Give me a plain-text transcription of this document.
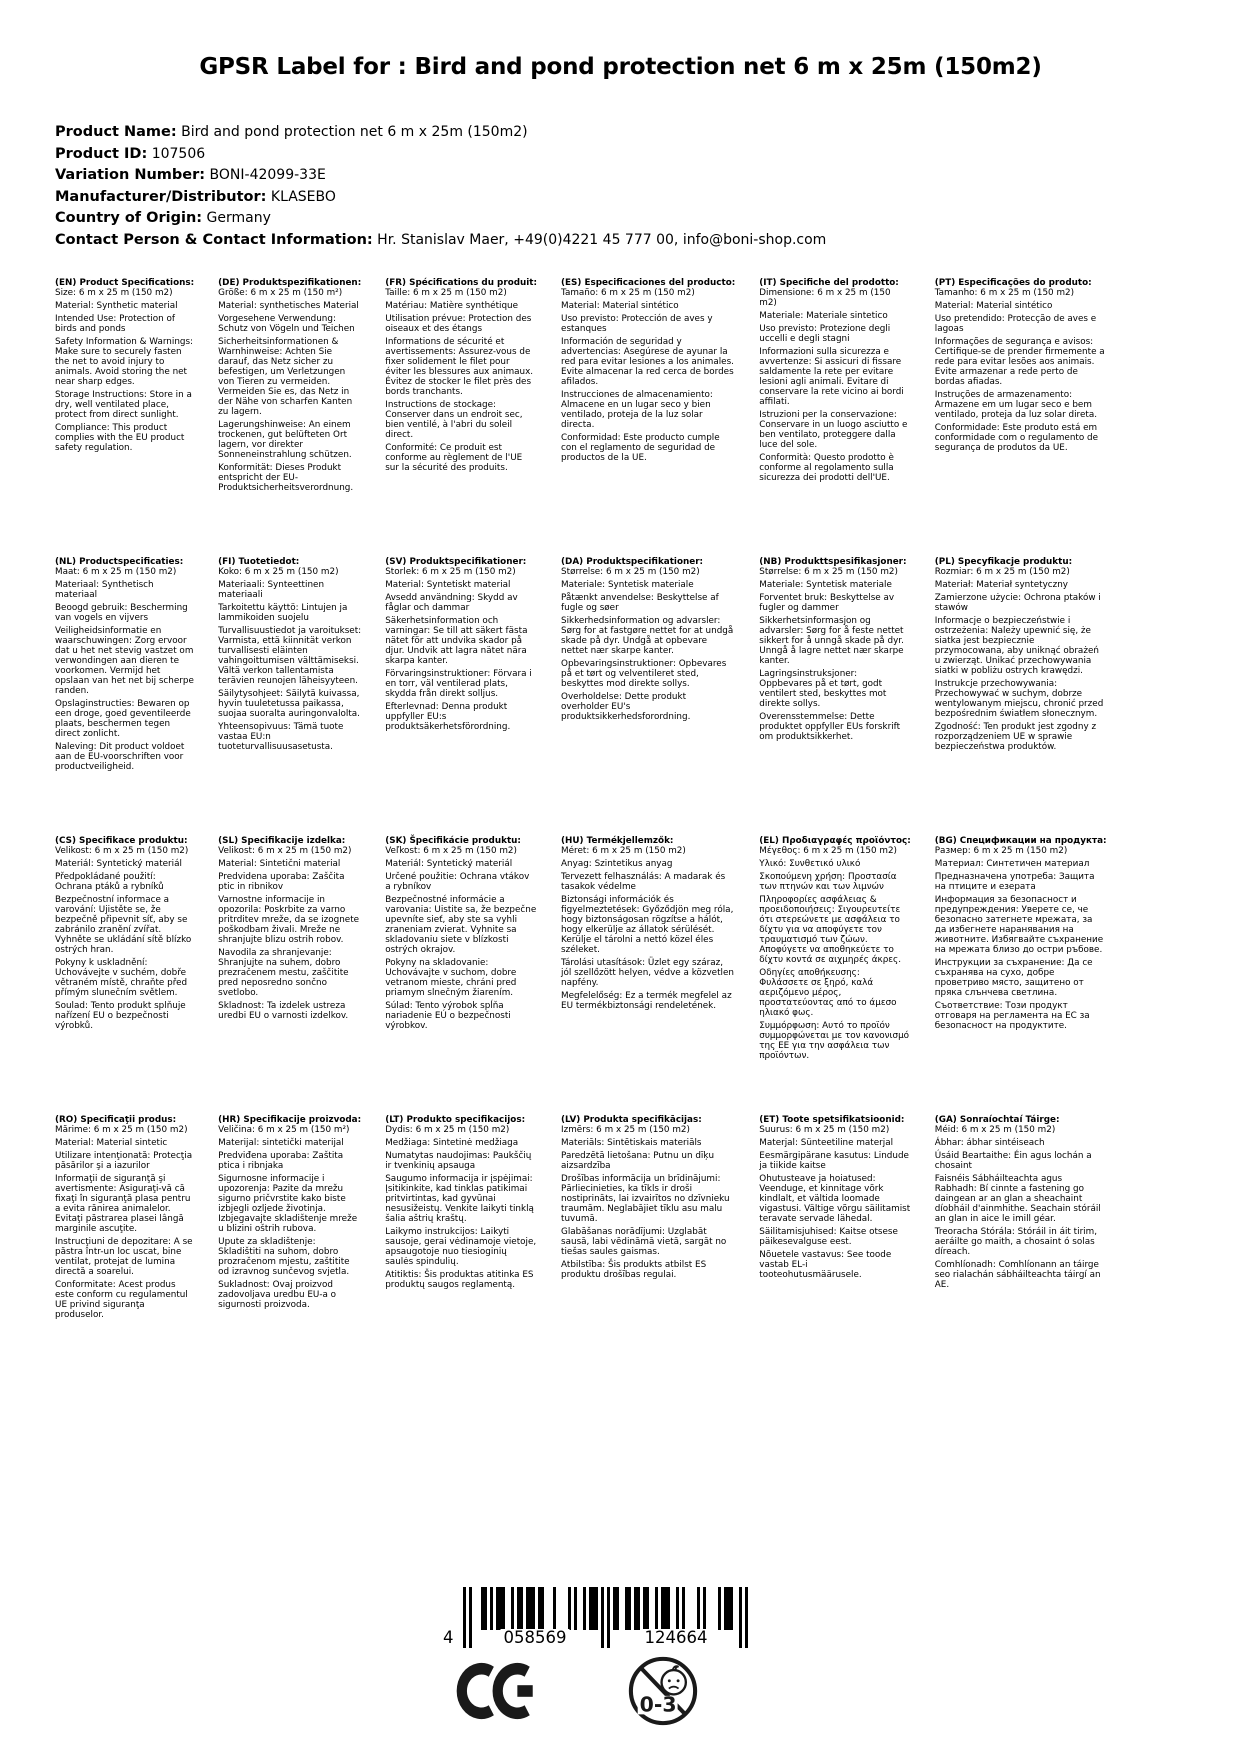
GPSR Label for : Bird and pond protection net 6 m x 25m (150m2)
Product Name: Bird and pond protection net 6 m x 25m (150m2)
Product ID: 107506
Variation Number: BONI-42099-33E
Manufacturer/Distributor: KLASEBO
Country of Origin: Germany
Contact Person & Contact Information: Hr. Stanislav Maer, +49(0)4221 45 777 00, info@boni-shop.com
(EN) Product Specifications:

Size: 6 m x 25 m (150 m2)

Material: Synthetic material

Intended Use: Protection of birds and ponds

Safety Information & Warnings: Make sure to securely fasten the net to avoid injury to animals. Avoid storing the net near sharp edges.

Storage Instructions: Store in a dry, well ventilated place, protect from direct sunlight.

Compliance: This product complies with the EU product safety regulation.

(DE) Produktspezifikationen:

Größe: 6 m x 25 m (150 m²)

Material: synthetisches Material

Vorgesehene Verwendung: Schutz von Vögeln und Teichen

Sicherheitsinformationen & Warnhinweise: Achten Sie darauf, das Netz sicher zu befestigen, um Verletzungen von Tieren zu vermeiden. Vermeiden Sie es, das Netz in der Nähe von scharfen Kanten zu lagern.

Lagerungshinweise: An einem trockenen, gut belüfteten Ort lagern, vor direkter Sonneneinstrahlung schützen.

Konformität: Dieses Produkt entspricht der EU-Produktsicherheitsverordnung.

(FR) Spécifications du produit:

Taille: 6 m x 25 m (150 m2)

Matériau: Matière synthétique

Utilisation prévue: Protection des oiseaux et des étangs

Informations de sécurité et avertissements: Assurez-vous de fixer solidement le filet pour éviter les blessures aux animaux. Évitez de stocker le filet près des bords tranchants.

Instructions de stockage: Conserver dans un endroit sec, bien ventilé, à l'abri du soleil direct.

Conformité: Ce produit est conforme au règlement de l'UE sur la sécurité des produits.

(ES) Especificaciones del producto:

Tamaño: 6 m x 25 m (150 m2)

Material: Material sintético

Uso previsto: Protección de aves y estanques

Información de seguridad y advertencias: Asegúrese de ayunar la red para evitar lesiones a los animales. Evite almacenar la red cerca de bordes afilados.

Instrucciones de almacenamiento: Almacene en un lugar seco y bien ventilado, proteja de la luz solar directa.

Conformidad: Este producto cumple con el reglamento de seguridad de productos de la UE.

(IT) Specifiche del prodotto:

Dimensione: 6 m x 25 m (150 m2)

Materiale: Materiale sintetico

Uso previsto: Protezione degli uccelli e degli stagni

Informazioni sulla sicurezza e avvertenze: Si assicuri di fissare saldamente la rete per evitare lesioni agli animali. Evitare di conservare la rete vicino ai bordi affilati.

Istruzioni per la conservazione: Conservare in un luogo asciutto e ben ventilato, proteggere dalla luce del sole.

Conformità: Questo prodotto è conforme al regolamento sulla sicurezza dei prodotti dell'UE.

(PT) Especificações do produto:

Tamanho: 6 m x 25 m (150 m2)

Material: Material sintético

Uso pretendido: Protecção de aves e lagoas

Informações de segurança e avisos: Certifique-se de prender firmemente a rede para evitar lesões aos animais. Evite armazenar a rede perto de bordas afiadas.

Instruções de armazenamento: Armazene em um lugar seco e bem ventilado, proteja da luz solar direta.

Conformidade: Este produto está em conformidade com o regulamento de segurança de produtos da UE.

(NL) Productspecificaties:

Maat: 6 m x 25 m (150 m2)

Materiaal: Synthetisch materiaal

Beoogd gebruik: Bescherming van vogels en vijvers

Veiligheidsinformatie en waarschuwingen: Zorg ervoor dat u het net stevig vastzet om verwondingen aan dieren te voorkomen. Vermijd het opslaan van het net bij scherpe randen.

Opslaginstructies: Bewaren op een droge, goed geventileerde plaats, beschermen tegen direct zonlicht.

Naleving: Dit product voldoet aan de EU-voorschriften voor productveiligheid.

(FI) Tuotetiedot:

Koko: 6 m x 25 m (150 m2)

Materiaali: Synteettinen materiaali

Tarkoitettu käyttö: Lintujen ja lammikoiden suojelu

Turvallisuustiedot ja varoitukset: Varmista, että kiinnität verkon turvallisesti eläinten vahingoittumisen välttämiseksi. Vältä verkon tallentamista terävien reunojen läheisyyteen.

Säilytysohjeet: Säilytä kuivassa, hyvin tuuletetussa paikassa, suojaa suoralta auringonvalolta.

Yhteensopivuus: Tämä tuote vastaa EU:n tuoteturvallisuusasetusta.

(SV) Produktspecifikationer:

Storlek: 6 m x 25 m (150 m2)

Material: Syntetiskt material

Avsedd användning: Skydd av fåglar och dammar

Säkerhetsinformation och varningar: Se till att säkert fästa nätet för att undvika skador på djur. Undvik att lagra nätet nära skarpa kanter.

Förvaringsinstruktioner: Förvara i en torr, väl ventilerad plats, skydda från direkt solljus.

Efterlevnad: Denna produkt uppfyller EU:s produktsäkerhetsförordning.

(DA) Produktspecifikationer:

Størrelse: 6 m x 25 m (150 m2)

Materiale: Syntetisk materiale

Påtænkt anvendelse: Beskyttelse af fugle og søer

Sikkerhedsinformation og advarsler: Sørg for at fastgøre nettet for at undgå skade på dyr. Undgå at opbevare nettet nær skarpe kanter.

Opbevaringsinstruktioner: Opbevares på et tørt og velventileret sted, beskyttes mod direkte sollys.

Overholdelse: Dette produkt overholder EU's produktsikkerhedsforordning.

(NB) Produkttspesifikasjoner:

Størrelse: 6 m x 25 m (150 m2)

Materiale: Syntetisk materiale

Forventet bruk: Beskyttelse av fugler og dammer

Sikkerhetsinformasjon og advarsler: Sørg for å feste nettet sikkert for å unngå skade på dyr. Unngå å lagre nettet nær skarpe kanter.

Lagringsinstruksjoner: Oppbevares på et tørt, godt ventilert sted, beskyttes mot direkte sollys.

Overensstemmelse: Dette produktet oppfyller EUs forskrift om produktsikkerhet.

(PL) Specyfikacje produktu:

Rozmiar: 6 m x 25 m (150 m2)

Materiał: Materiał syntetyczny

Zamierzone użycie: Ochrona ptaków i stawów

Informacje o bezpieczeństwie i ostrzeżenia: Należy upewnić się, że siatka jest bezpiecznie przymocowana, aby uniknąć obrażeń u zwierząt. Unikać przechowywania siatki w pobliżu ostrych krawędzi.

Instrukcje przechowywania: Przechowywać w suchym, dobrze wentylowanym miejscu, chronić przed bezpośrednim światłem słonecznym.

Zgodność: Ten produkt jest zgodny z rozporządzeniem UE w sprawie bezpieczeństwa produktów.

(CS) Specifikace produktu:

Velikost: 6 m x 25 m (150 m2)

Materiál: Syntetický materiál

Předpokládané použití: Ochrana ptáků a rybníků

Bezpečnostní informace a varování: Ujistěte se, že bezpečně připevnit síť, aby se zabránilo zranění zvířat. Vyhněte se ukládání sítě blízko ostrých hran.

Pokyny k uskladnění: Uchovávejte v suchém, dobře větraném místě, chraňte před přímým slunečním světlem.

Soulad: Tento produkt splňuje nařízení EU o bezpečnosti výrobků.

(SL) Specifikacije izdelka:

Velikost: 6 m x 25 m (150 m2)

Material: Sintetični material

Predvidena uporaba: Zaščita ptic in ribnikov

Varnostne informacije in opozorila: Poskrbite za varno pritrditev mreže, da se izognete poškodbam živali. Mreže ne shranjujte blizu ostrih robov.

Navodila za shranjevanje: Shranjujte na suhem, dobro prezračenem mestu, zaščitite pred neposredno sončno svetlobo.

Skladnost: Ta izdelek ustreza uredbi EU o varnosti izdelkov.

(SK) Špecifikácie produktu:

Veľkost: 6 m x 25 m (150 m2)

Materiál: Syntetický materiál

Určené použitie: Ochrana vtákov a rybníkov

Bezpečnostné informácie a varovania: Uistite sa, že bezpečne upevníte sieť, aby ste sa vyhli zraneniam zvierat. Vyhnite sa skladovaniu siete v blízkosti ostrých okrajov.

Pokyny na skladovanie: Uchovávajte v suchom, dobre vetranom mieste, chráni pred priamym slnečným žiarením.

Súlad: Tento výrobok spĺňa nariadenie EÚ o bezpečnosti výrobkov.

(HU) Termékjellemzők:

Méret: 6 m x 25 m (150 m2)

Anyag: Szintetikus anyag

Tervezett felhasználás: A madarak és tasakok védelme

Biztonsági információk és figyelmeztetések: Győződjön meg róla, hogy biztonságosan rögzítse a hálót, hogy elkerülje az állatok sérülését. Kerülje el tárolni a nettó közel éles széleket.

Tárolási utasítások: Üzlet egy száraz, jól szellőzött helyen, védve a közvetlen napfény.

Megfelelőség: Ez a termék megfelel az EU termékbiztonsági rendeletének.

(EL) Προδιαγραφές προϊόντος:

Μέγεθος: 6 m x 25 m (150 m2)

Υλικό: Συνθετικό υλικό

Σκοπούμενη χρήση: Προστασία των πτηνών και των λιμνών

Πληροφορίες ασφάλειας & προειδοποιήσεις: Σιγουρευτείτε ότι στερεώνετε με ασφάλεια το δίχτυ για να αποφύγετε τον τραυματισμό των ζώων. Αποφύγετε να αποθηκεύετε το δίχτυ κοντά σε αιχμηρές άκρες.

Οδηγίες αποθήκευσης: Φυλάσσετε σε ξηρό, καλά αεριζόμενο μέρος, προστατεύοντας από το άμεσο ηλιακό φως.

Συμμόρφωση: Αυτό το προϊόν συμμορφώνεται με τον κανονισμό της ΕΕ για την ασφάλεια των προϊόντων.

(BG) Спецификации на продукта:

Размер: 6 m x 25 m (150 m2)

Материал: Синтетичен материал

Предназначена употреба: Защита на птиците и езерата

Информация за безопасност и предупреждения: Уверете се, че безопасно затегнете мрежата, за да избегнете наранявания на животните. Избягвайте съхранение на мрежата близо до остри ръбове.

Инструкции за съхранение: Да се съхранява на сухо, добре проветриво място, защитено от пряка слънчева светлина.

Съответствие: Този продукт отговаря на регламента на ЕС за безопасност на продуктите.

(RO) Specificaţii produs:

Mărime: 6 m x 25 m (150 m2)

Material: Material sintetic

Utilizare intenţionată: Protecţia păsărilor şi a iazurilor

Informaţii de siguranţă şi avertismente: Asiguraţi-vă că fixaţi în siguranţă plasa pentru a evita rănirea animalelor. Evitaţi păstrarea plasei lângă marginile ascuţite.

Instrucţiuni de depozitare: A se păstra într-un loc uscat, bine ventilat, protejat de lumina directă a soarelui.

Conformitate: Acest produs este conform cu regulamentul UE privind siguranţa produselor.

(HR) Specifikacije proizvoda:

Veličina: 6 m x 25 m (150 m²)

Materijal: sintetički materijal

Predviđena uporaba: Zaštita ptica i ribnjaka

Sigurnosne informacije i upozorenja: Pazite da mrežu sigurno pričvrstite kako biste izbjegli ozljede životinja. Izbjegavajte skladištenje mreže u blizini oštrih rubova.

Upute za skladištenje: Skladištiti na suhom, dobro prozračenom mjestu, zaštitite od izravnog sunčevog svjetla.

Sukladnost: Ovaj proizvod zadovoljava uredbu EU-a o sigurnosti proizvoda.

(LT) Produkto specifikacijos:

Dydis: 6 m x 25 m (150 m2)

Medžiaga: Sintetinė medžiaga

Numatytas naudojimas: Paukščių ir tvenkinių apsauga

Saugumo informacija ir įspėjimai: Įsitikinkite, kad tinklas patikimai pritvirtintas, kad gyvūnai nesusižeistų. Venkite laikyti tinklą šalia aštrių kraštų.

Laikymo instrukcijos: Laikyti sausoje, gerai vėdinamoje vietoje, apsaugotoje nuo tiesioginių saulės spindulių.

Atitiktis: Šis produktas atitinka ES produktų saugos reglamentą.

(LV) Produkta specifikācijas:

Izmērs: 6 m x 25 m (150 m2)

Materiāls: Sintētiskais materiāls

Paredzētā lietošana: Putnu un dīķu aizsardzība

Drošības informācija un brīdinājumi: Pārliecinieties, ka tīkls ir droši nostiprināts, lai izvairītos no dzīvnieku traumām. Neglabājiet tīklu asu malu tuvumā.

Glabāšanas norādījumi: Uzglabāt sausā, labi vēdināmā vietā, sargāt no tiešas saules gaismas.

Atbilstība: Šis produkts atbilst ES produktu drošības regulai.

(ET) Toote spetsifikatsioonid:

Suurus: 6 m x 25 m (150 m2)

Materjal: Sünteetiline materjal

Eesmärgipärane kasutus: Lindude ja tiikide kaitse

Ohutusteave ja hoiatused: Veenduge, et kinnitage võrk kindlalt, et vältida loomade vigastusi. Vältige võrgu säilitamist teravate servade lähedal.

Säilitamisjuhised: Kaitse otsese päikesevalguse eest.

Nõuetele vastavus: See toode vastab EL-i tooteohutusmäärusele.

(GA) Sonraíochtaí Táirge:

Méid: 6 m x 25 m (150 m2)

Ábhar: ábhar sintéiseach

Úsáid Beartaithe: Éin agus lochán a chosaint

Faisnéis Sábháilteachta agus Rabhadh: Bí cinnte a fastening go daingean ar an glan a sheachaint díobháil d'ainmhithe. Seachain stóráil an glan in aice le imill géar.

Treoracha Stórála: Stóráil in áit tirim, aeráilte go maith, a chosaint ó solas díreach.

Comhlíonadh: Comhlíonann an táirge seo rialachán sábháilteachta táirgí an AE.

4	058569	124664
0-3
